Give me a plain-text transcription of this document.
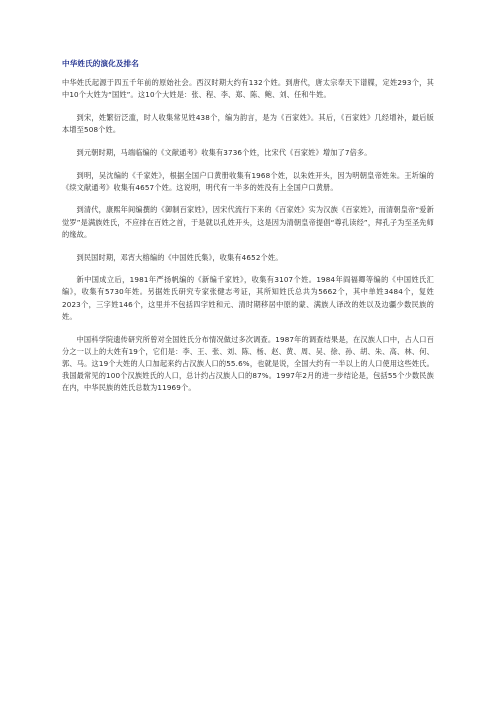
中华姓氏的演化及排名

中华姓氏起源于四五千年前的原始社会。西汉时期大约有132个姓。到唐代，唐太宗奉天下谱牒，定姓293个，其中10个大姓为“国姓”。这10个大姓是：张、程、李、郑、陈、鲍、刘、任和牛姓。

到宋，姓繁衍泛滥，时人收集常见姓438个，编为韵言，是为《百家姓》。其后，《百家姓》几经增补，最后版本增至508个姓。

到元朝时期，马端临编的《文献通考》收集有3736个姓，比宋代《百家姓》增加了7倍多。

到明，吴沈编的《千家姓》，根据全国户口黄册收集有1968个姓，以朱姓开头，因为明朝皇帝姓朱。王圻编的《续文献通考》收集有4657个姓。这说明，明代有一半多的姓没有上全国户口黄册。

到清代，康熙年间编撰的《御制百家姓》，因宋代流行下来的《百家姓》实为汉族《百家姓》，而清朝皇帝“爱新觉罗”是满族姓氏，不应排在百姓之首，于是就以孔姓开头，这是因为清朝皇帝提倡“尊孔读经”，拜孔子为至圣先师的缘故。

到民国时期，邓宵大榕编的《中国姓氏集》，收集有4652个姓。

新中国成立后，1981年严扬帆编的《新编千家姓》，收集有3107个姓。1984年阎福卿等编的《中国姓氏汇编》，收集有5730年姓。另据姓氏研究专家张健志考证，其所知姓氏总共为5662个，其中单姓3484个，复姓2023个，三字姓146个，这里并不包括四字姓和元、清时期移居中原的蒙、满族人译改的姓以及边疆少数民族的姓。

中国科学院遗传研究所曾对全国姓氏分布情况做过多次调查。1987年的调查结果是，在汉族人口中，占人口百分之一以上的大姓有19个，它们是：李、王、张、刘、陈、杨、赵、黄、周、吴、徐、孙、胡、朱、高、林、何、郭、马。这19个大姓的人口加起来约占汉族人口的55.6%，也就是说，全国大约有一半以上的人口使用这些姓氏。我国最常见的100个汉族姓氏的人口，总计约占汉族人口的87%。1997年2月的进一步结论是，包括55个少数民族在内，中华民族的姓氏总数为11969个。
